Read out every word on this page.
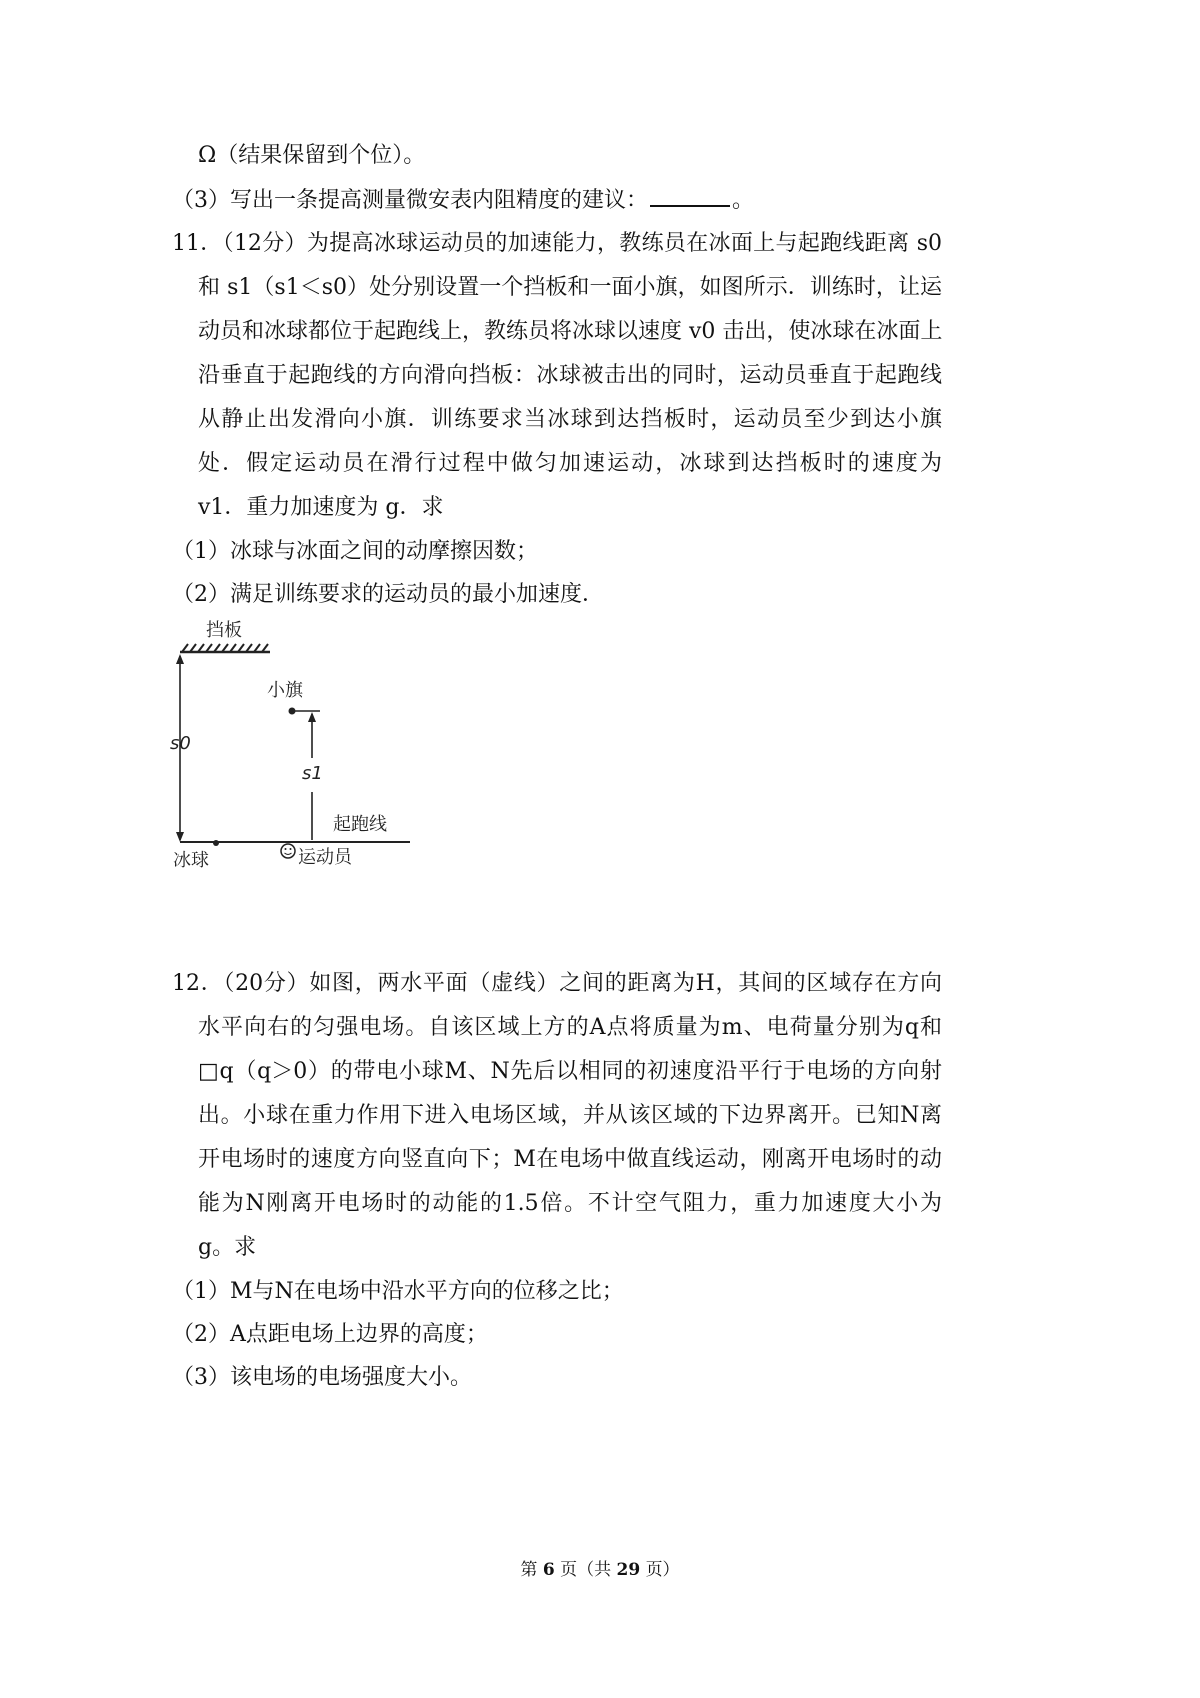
Ω（结果保留到个位）。
（3）写出一条提高测量微安表内阻精度的建议：	。
11．（12分）为提高冰球运动员的加速能力，教练员在冰面上与起跑线距离 s0
和 s1（s1＜s0）处分别设置一个挡板和一面小旗，如图所示．训练时，让运
动员和冰球都位于起跑线上，教练员将冰球以速度 v0 击出，使冰球在冰面上
沿垂直于起跑线的方向滑向挡板：冰球被击出的同时，运动员垂直于起跑线
从静止出发滑向小旗．训练要求当冰球到达挡板时，运动员至少到达小旗
处．假定运动员在滑行过程中做匀加速运动，冰球到达挡板时的速度为
v1．重力加速度为 g．求
（1）冰球与冰面之间的动摩擦因数；
（2）满足训练要求的运动员的最小加速度．
挡板
小旗
s0
s1
起跑线
冰球	运动员
12．（20分）如图，两水平面（虚线）之间的距离为H，其间的区域存在方向
水平向右的匀强电场。自该区域上方的A点将质量为m、电荷量分别为q和
□q（q＞0）的带电小球M、N先后以相同的初速度沿平行于电场的方向射
出。小球在重力作用下进入电场区域，并从该区域的下边界离开。已知N离
开电场时的速度方向竖直向下；M在电场中做直线运动，刚离开电场时的动
能为N刚离开电场时的动能的1.5倍。不计空气阻力，重力加速度大小为
g。求
（1）M与N在电场中沿水平方向的位移之比；
（2）A点距电场上边界的高度；
（3）该电场的电场强度大小。
第 6 页（共 29 页）
